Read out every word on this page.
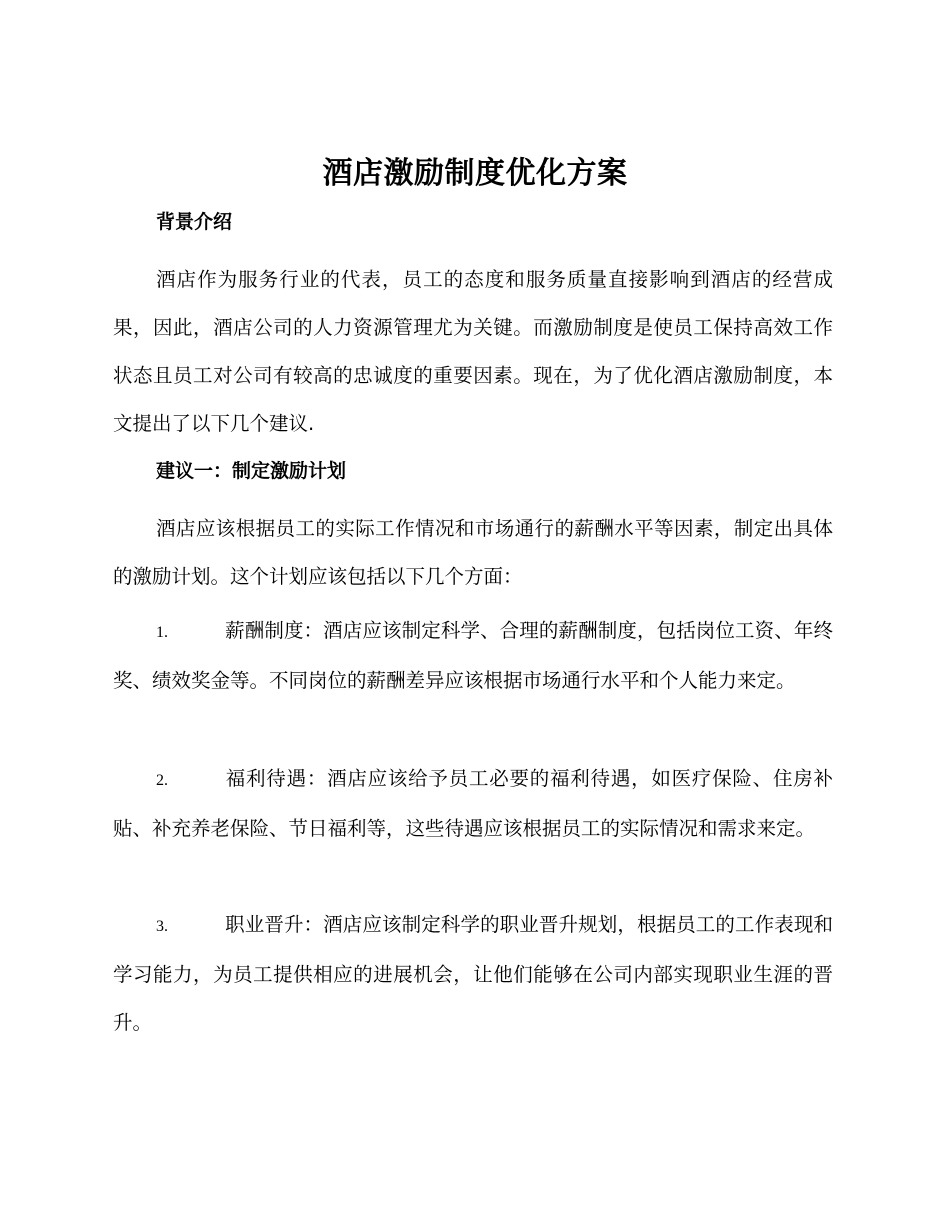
酒店激励制度优化方案
背景介绍

酒店作为服务行业的代表，员工的态度和服务质量直接影响到酒店的经营成果，因此，酒店公司的人力资源管理尤为关键。而激励制度是使员工保持高效工作状态且员工对公司有较高的忠诚度的重要因素。现在，为了优化酒店激励制度，本文提出了以下几个建议.

建议一：制定激励计划

酒店应该根据员工的实际工作情况和市场通行的薪酬水平等因素，制定出具体的激励计划。这个计划应该包括以下几个方面：

1.	薪酬制度：酒店应该制定科学、合理的薪酬制度，包括岗位工资、年终奖、绩效奖金等。不同岗位的薪酬差异应该根据市场通行水平和个人能力来定。

2.	福利待遇：酒店应该给予员工必要的福利待遇，如医疗保险、住房补贴、补充养老保险、节日福利等，这些待遇应该根据员工的实际情况和需求来定。

3.	职业晋升：酒店应该制定科学的职业晋升规划，根据员工的工作表现和学习能力，为员工提供相应的进展机会，让他们能够在公司内部实现职业生涯的晋升。
